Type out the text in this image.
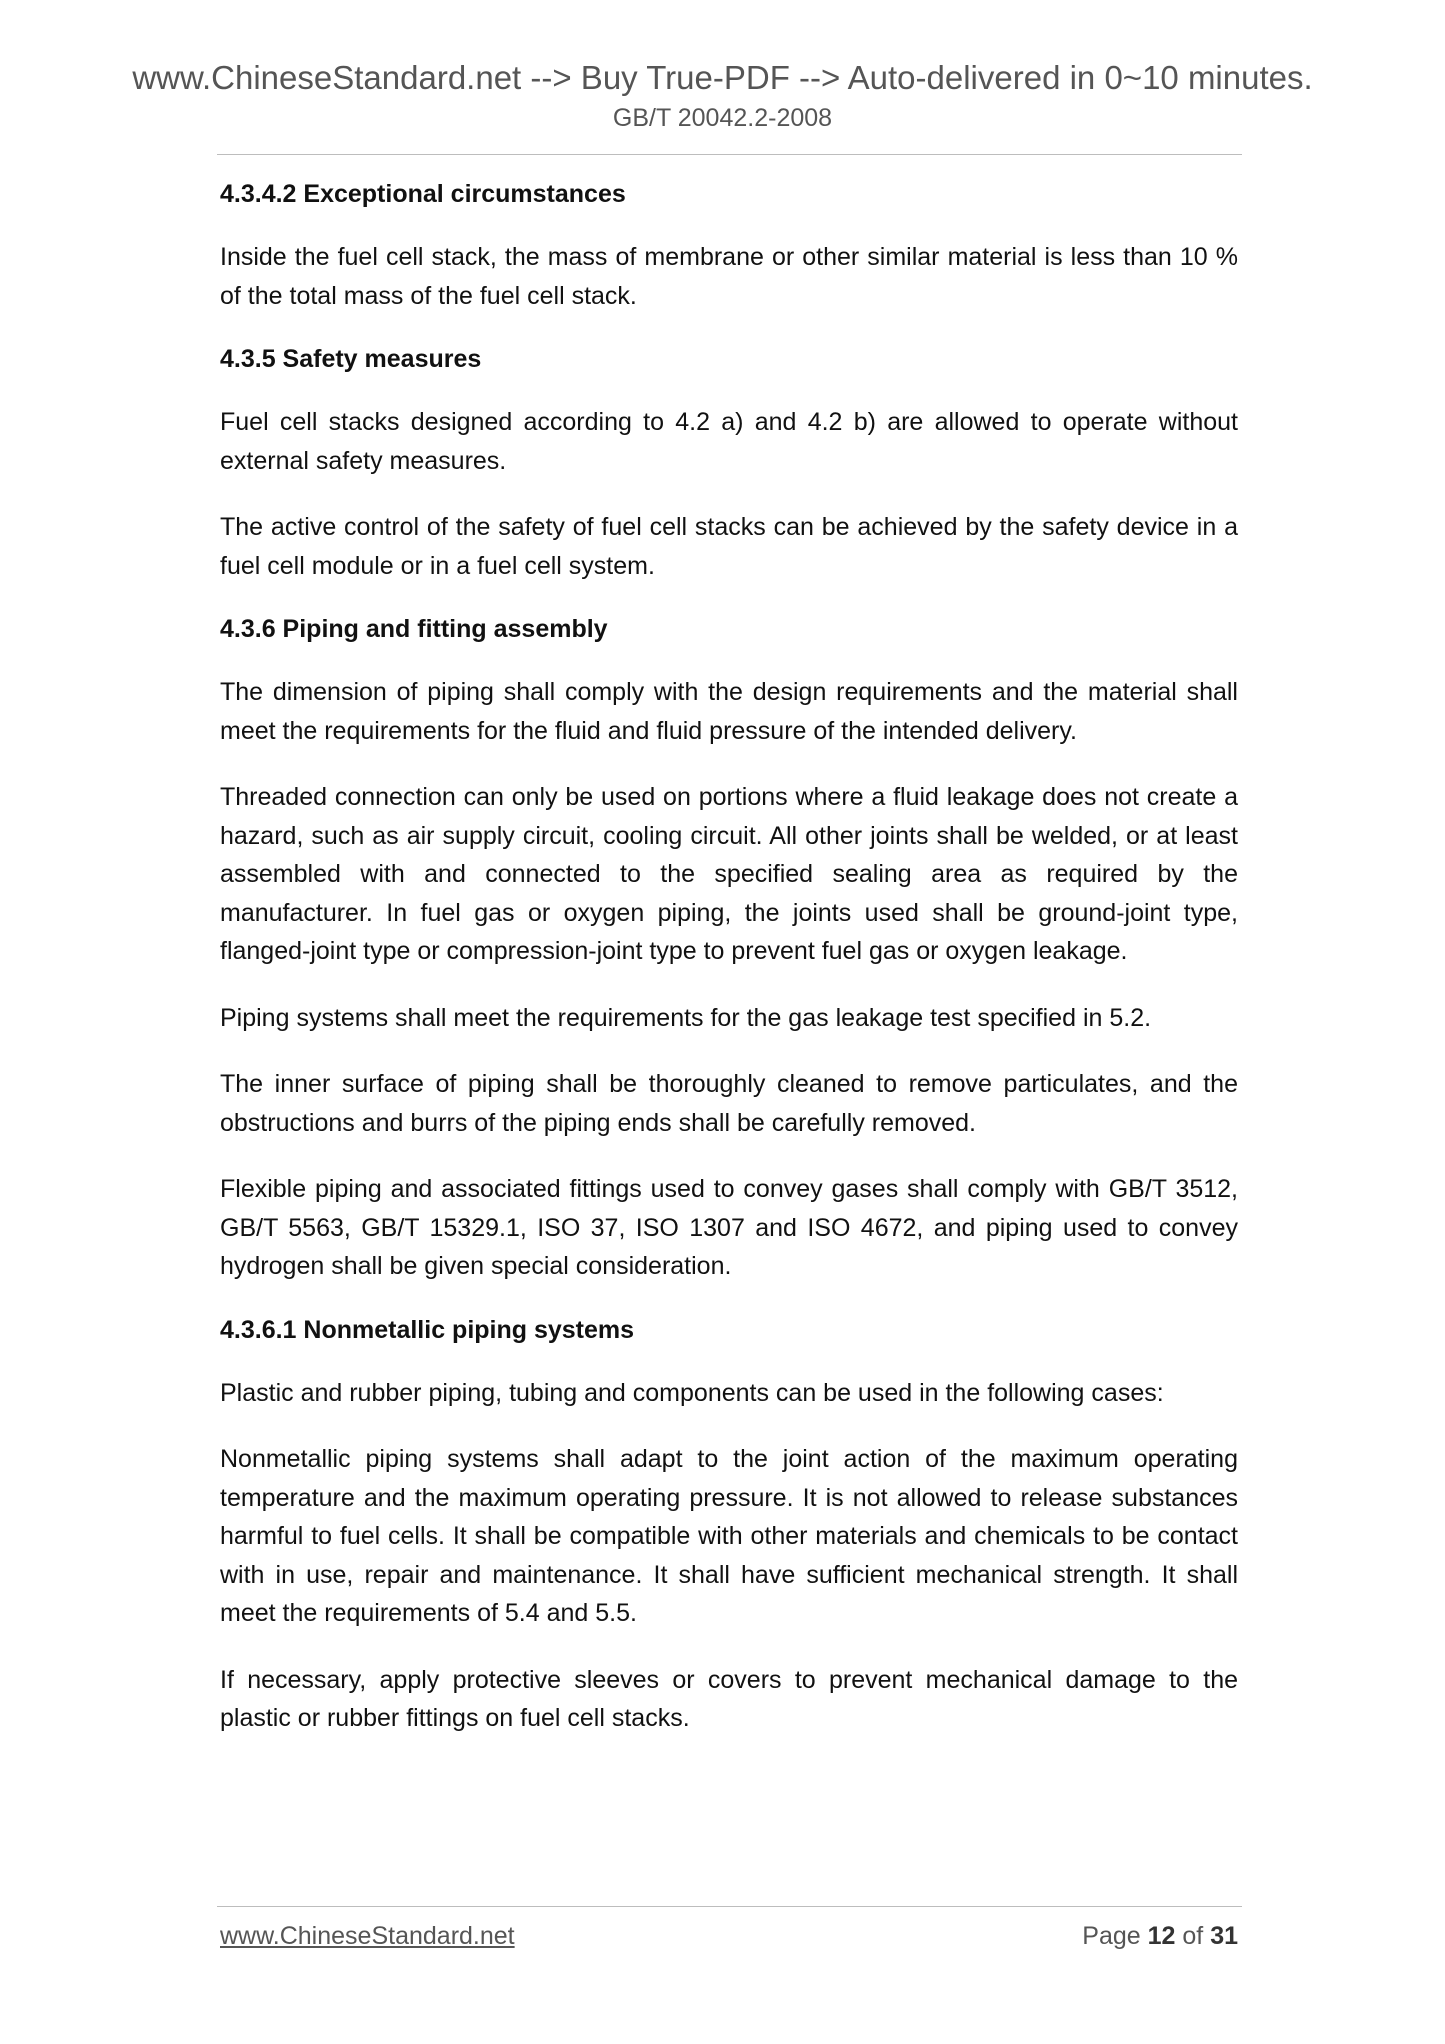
www.ChineseStandard.net --> Buy True-PDF --> Auto-delivered in 0~10 minutes.
GB/T 20042.2-2008
4.3.4.2 Exceptional circumstances

Inside the fuel cell stack, the mass of membrane or other similar material is less than 10 % of the total mass of the fuel cell stack.

4.3.5 Safety measures

Fuel cell stacks designed according to 4.2 a) and 4.2 b) are allowed to operate without external safety measures.

The active control of the safety of fuel cell stacks can be achieved by the safety device in a fuel cell module or in a fuel cell system.

4.3.6 Piping and fitting assembly

The dimension of piping shall comply with the design requirements and the material shall meet the requirements for the fluid and fluid pressure of the intended delivery.

Threaded connection can only be used on portions where a fluid leakage does not create a hazard, such as air supply circuit, cooling circuit. All other joints shall be welded, or at least assembled with and connected to the specified sealing area as required by the manufacturer. In fuel gas or oxygen piping, the joints used shall be ground-joint type, flanged-joint type or compression-joint type to prevent fuel gas or oxygen leakage.

Piping systems shall meet the requirements for the gas leakage test specified in 5.2.

The inner surface of piping shall be thoroughly cleaned to remove particulates, and the obstructions and burrs of the piping ends shall be carefully removed.

Flexible piping and associated fittings used to convey gases shall comply with GB/T 3512, GB/T 5563, GB/T 15329.1, ISO 37, ISO 1307 and ISO 4672, and piping used to convey hydrogen shall be given special consideration.

4.3.6.1 Nonmetallic piping systems

Plastic and rubber piping, tubing and components can be used in the following cases:

Nonmetallic piping systems shall adapt to the joint action of the maximum operating temperature and the maximum operating pressure. It is not allowed to release substances harmful to fuel cells. It shall be compatible with other materials and chemicals to be contact with in use, repair and maintenance. It shall have sufficient mechanical strength. It shall meet the requirements of 5.4 and 5.5.

If necessary, apply protective sleeves or covers to prevent mechanical damage to the plastic or rubber fittings on fuel cell stacks.

www.ChineseStandard.net	Page 12 of 31
